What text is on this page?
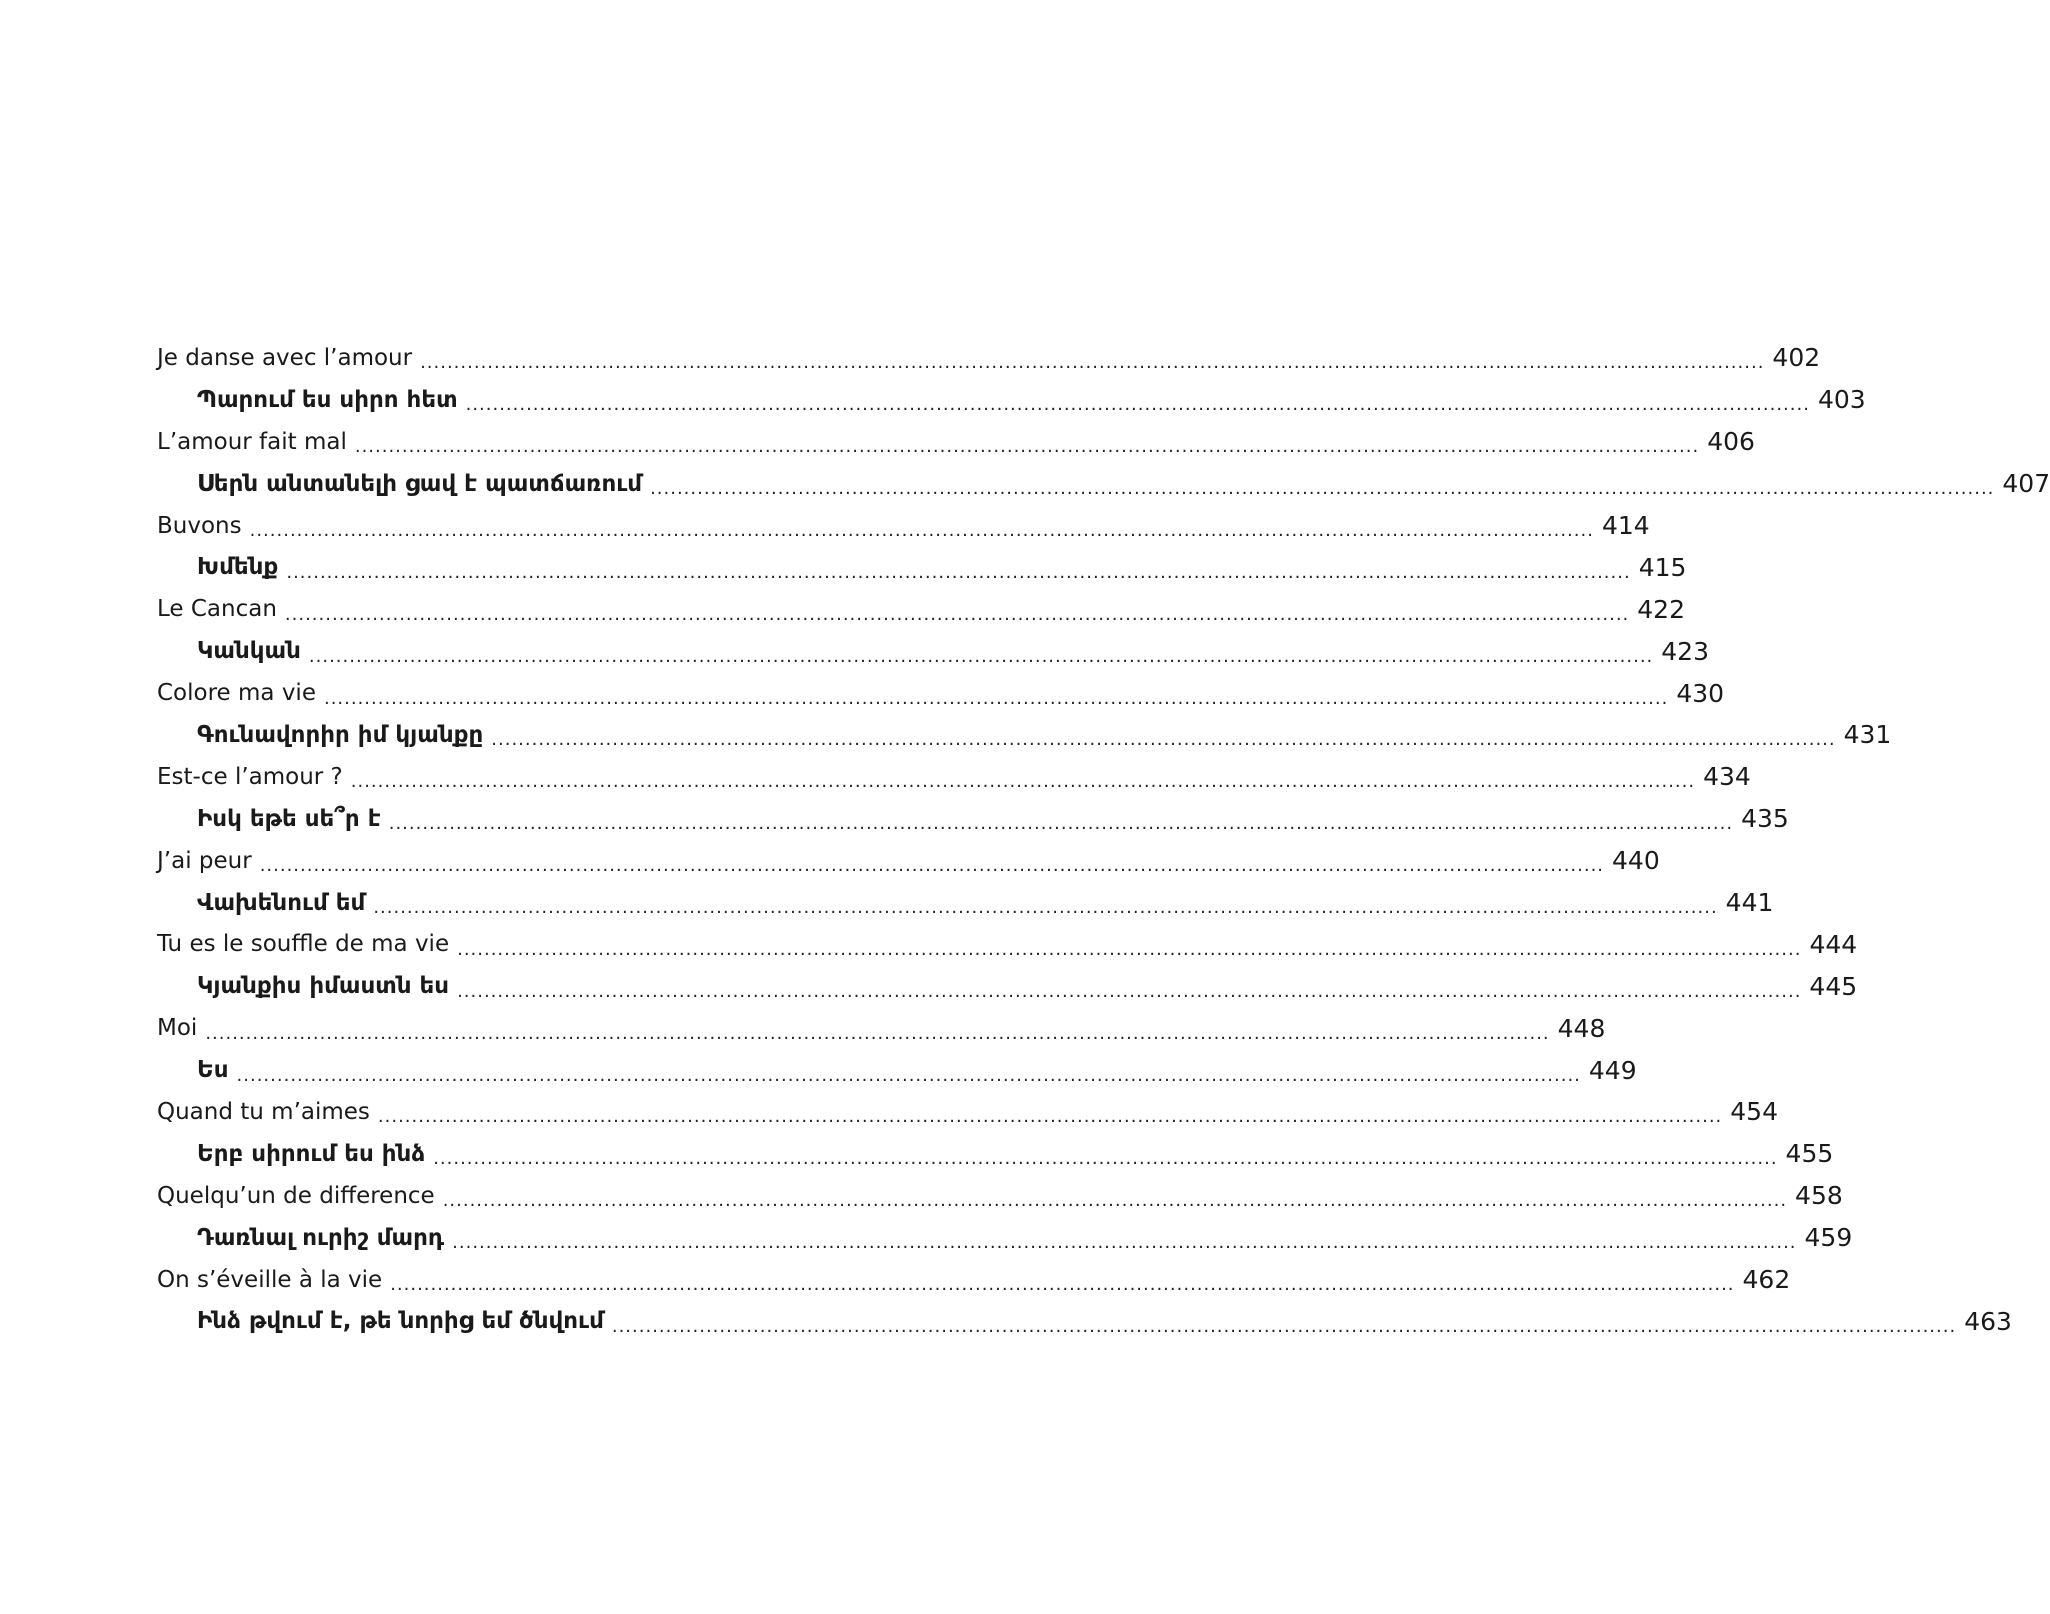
Je danse avec l’amour ........................................................................................................................................................................................................ 402
Պարում ես սիրո հետ ........................................................................................................................................................................................................ 403
L’amour fait mal ........................................................................................................................................................................................................ 406
Սերն անտանելի ցավ է պատճառում ........................................................................................................................................................................................................ 407
Buvons ........................................................................................................................................................................................................ 414
Խմենք ........................................................................................................................................................................................................ 415
Le Cancan ........................................................................................................................................................................................................ 422
Կանկան ........................................................................................................................................................................................................ 423
Colore ma vie ........................................................................................................................................................................................................ 430
Գունավորիր իմ կյանքը ........................................................................................................................................................................................................ 431
Est-ce l’amour ? ........................................................................................................................................................................................................ 434
Իսկ եթե սե՞ր է ........................................................................................................................................................................................................ 435
J’ai peur ........................................................................................................................................................................................................ 440
Վախենում եմ ........................................................................................................................................................................................................ 441
Tu es le souffle de ma vie ........................................................................................................................................................................................................ 444
Կյանքիս իմաստն ես ........................................................................................................................................................................................................ 445
Moi ........................................................................................................................................................................................................ 448
Ես ........................................................................................................................................................................................................ 449
Quand tu m’aimes ........................................................................................................................................................................................................ 454
Երբ սիրում ես ինձ ........................................................................................................................................................................................................ 455
Quelqu’un de differencе ........................................................................................................................................................................................................ 458
Դառնալ ուրիշ մարդ ........................................................................................................................................................................................................ 459
On s’éveille à la vie ........................................................................................................................................................................................................ 462
Ինձ թվում է, թե նորից եմ ծնվում ........................................................................................................................................................................................................ 463
